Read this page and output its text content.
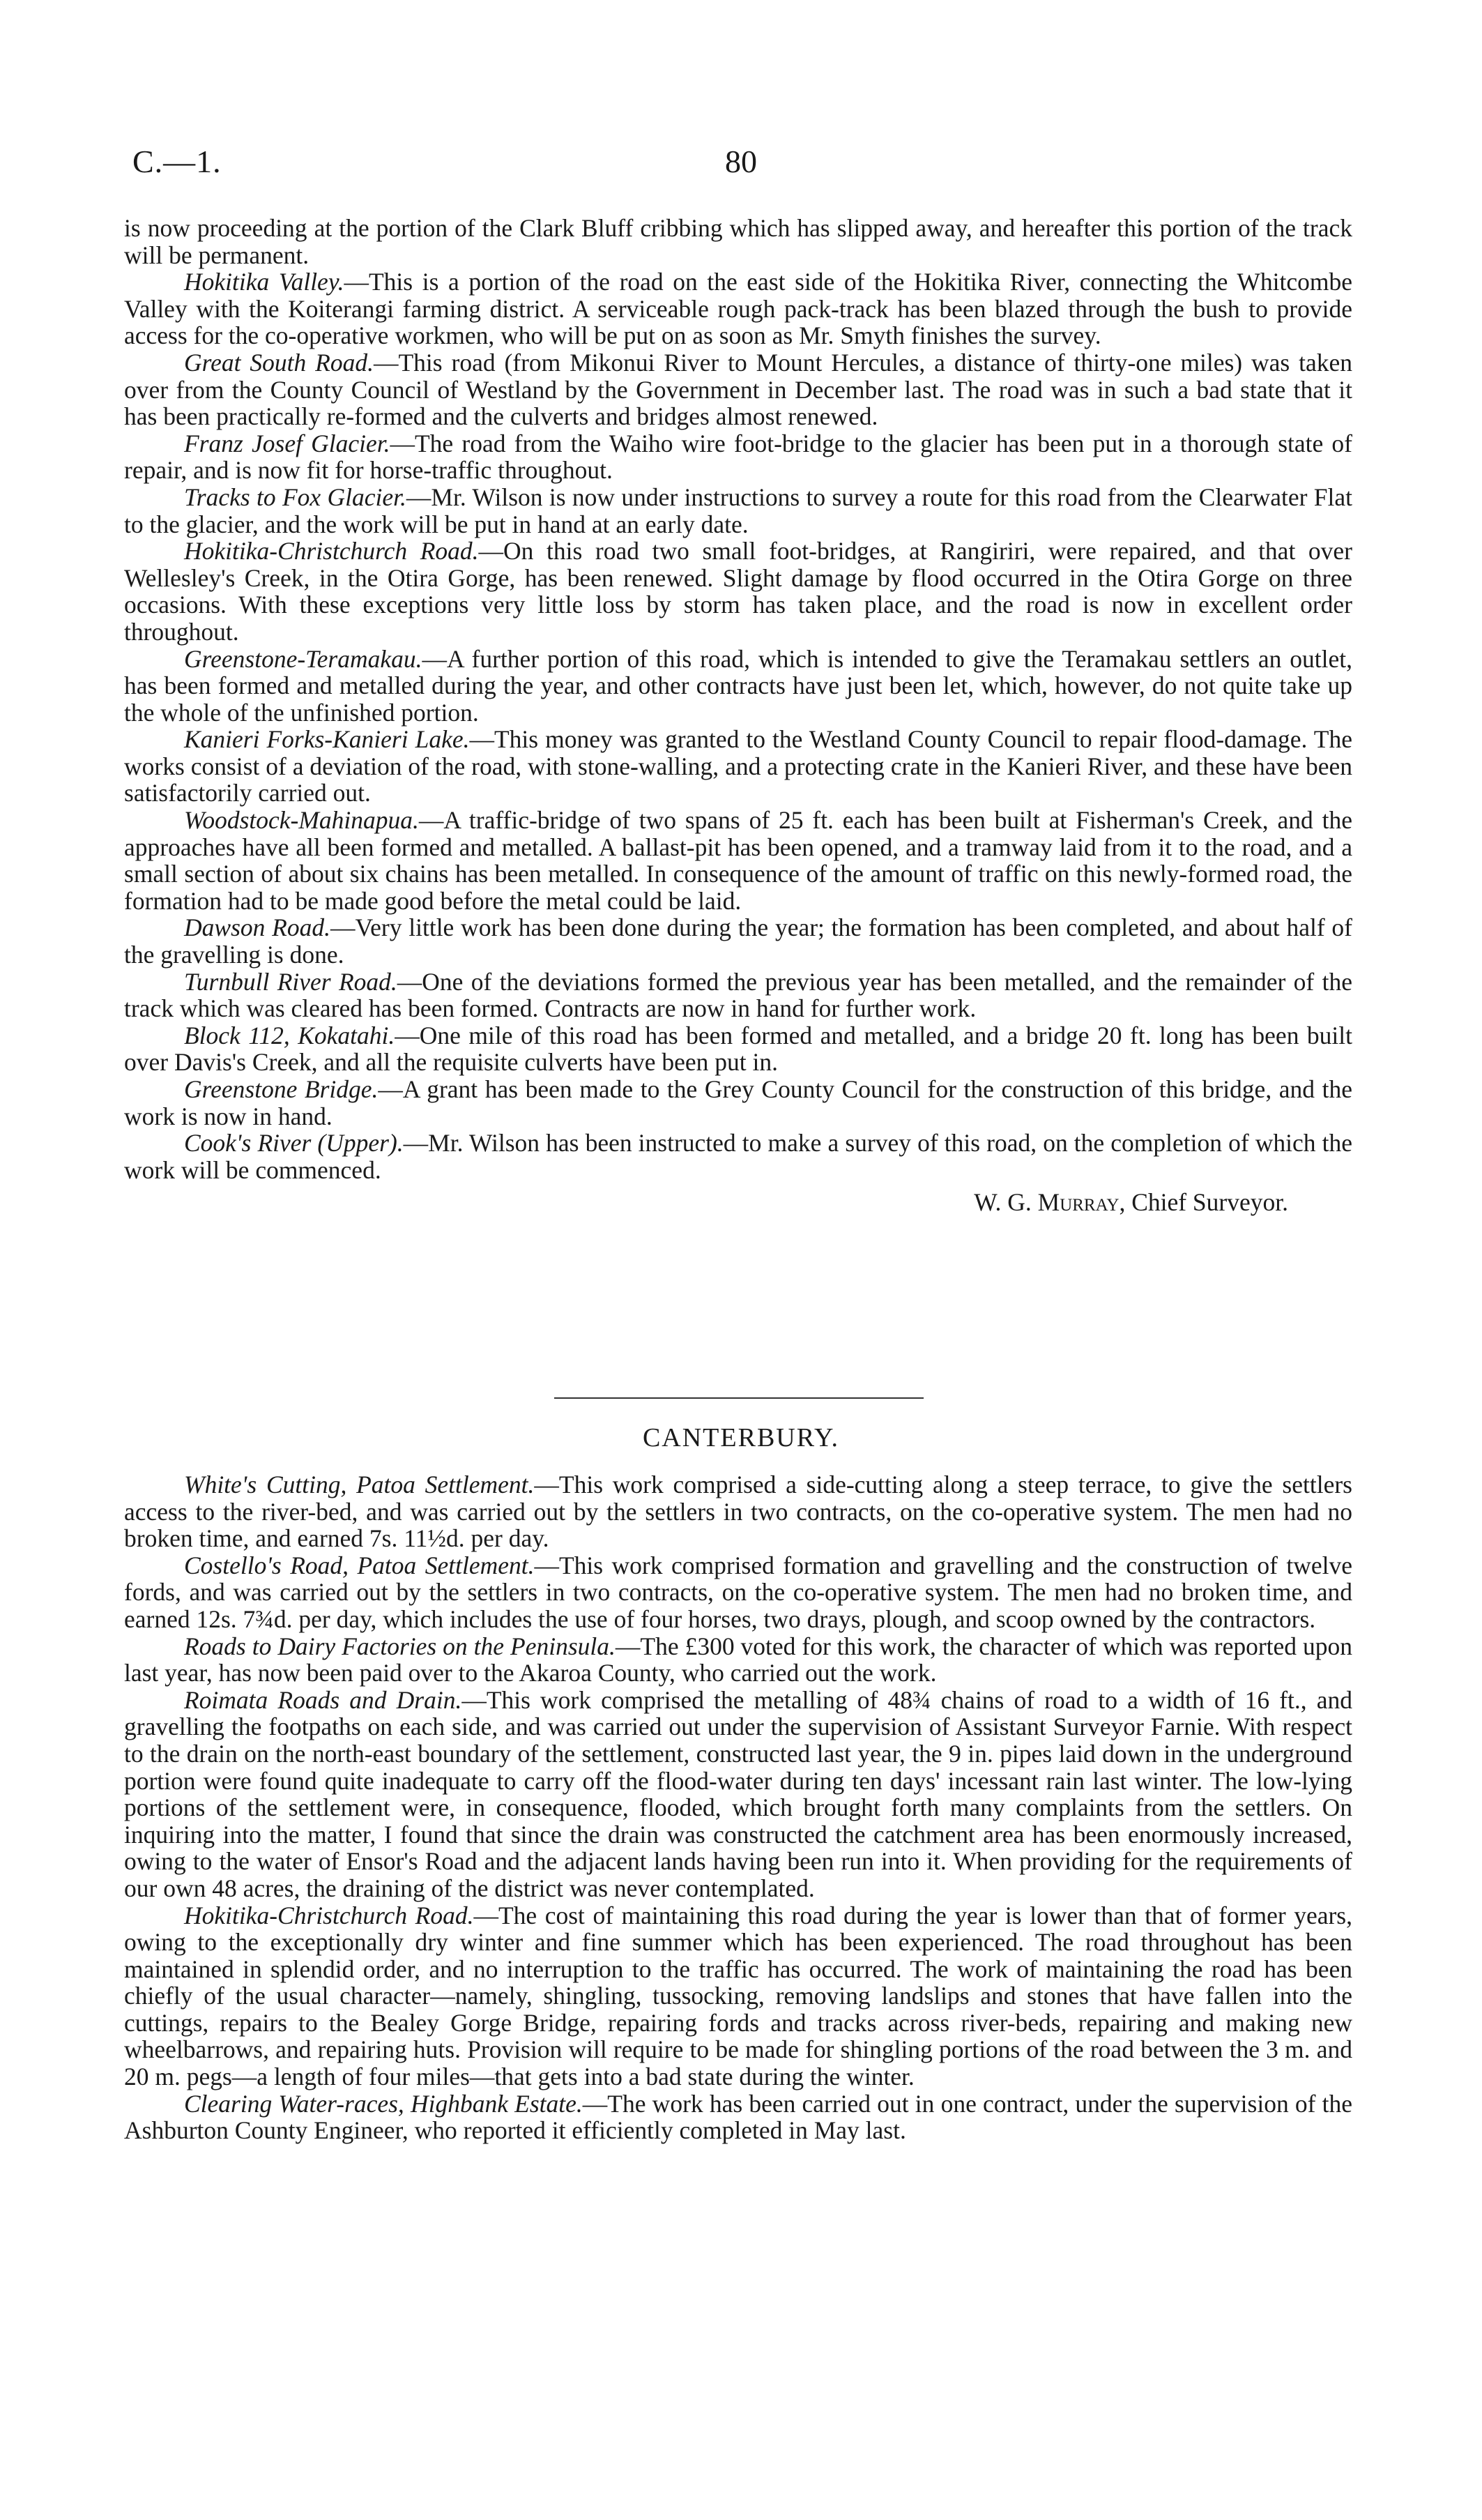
C.—1.	80

is now proceeding at the portion of the Clark Bluff cribbing which has slipped away, and hereafter this portion of the track will be permanent.

Hokitika Valley.—This is a portion of the road on the east side of the Hokitika River, connecting the Whitcombe Valley with the Koiterangi farming district. A serviceable rough pack-track has been blazed through the bush to provide access for the co-operative workmen, who will be put on as soon as Mr. Smyth finishes the survey.

Great South Road.—This road (from Mikonui River to Mount Hercules, a distance of thirty-one miles) was taken over from the County Council of Westland by the Government in December last. The road was in such a bad state that it has been practically re-formed and the culverts and bridges almost renewed.

Franz Josef Glacier.—The road from the Waiho wire foot-bridge to the glacier has been put in a thorough state of repair, and is now fit for horse-traffic throughout.

Tracks to Fox Glacier.—Mr. Wilson is now under instructions to survey a route for this road from the Clearwater Flat to the glacier, and the work will be put in hand at an early date.

Hokitika-Christchurch Road.—On this road two small foot-bridges, at Rangiriri, were repaired, and that over Wellesley's Creek, in the Otira Gorge, has been renewed. Slight damage by flood occurred in the Otira Gorge on three occasions. With these exceptions very little loss by storm has taken place, and the road is now in excellent order throughout.

Greenstone-Teramakau.—A further portion of this road, which is intended to give the Teramakau settlers an outlet, has been formed and metalled during the year, and other contracts have just been let, which, however, do not quite take up the whole of the unfinished portion.

Kanieri Forks-Kanieri Lake.—This money was granted to the Westland County Council to repair flood-damage. The works consist of a deviation of the road, with stone-walling, and a protecting crate in the Kanieri River, and these have been satisfactorily carried out.

Woodstock-Mahinapua.—A traffic-bridge of two spans of 25 ft. each has been built at Fisherman's Creek, and the approaches have all been formed and metalled. A ballast-pit has been opened, and a tramway laid from it to the road, and a small section of about six chains has been metalled. In consequence of the amount of traffic on this newly-formed road, the formation had to be made good before the metal could be laid.

Dawson Road.—Very little work has been done during the year; the formation has been completed, and about half of the gravelling is done.

Turnbull River Road.—One of the deviations formed the previous year has been metalled, and the remainder of the track which was cleared has been formed. Contracts are now in hand for further work.

Block 112, Kokatahi.—One mile of this road has been formed and metalled, and a bridge 20 ft. long has been built over Davis's Creek, and all the requisite culverts have been put in.

Greenstone Bridge.—A grant has been made to the Grey County Council for the construction of this bridge, and the work is now in hand.

Cook's River (Upper).—Mr. Wilson has been instructed to make a survey of this road, on the completion of which the work will be commenced.

W. G. Murray, Chief Surveyor.

CANTERBURY.

White's Cutting, Patoa Settlement.—This work comprised a side-cutting along a steep terrace, to give the settlers access to the river-bed, and was carried out by the settlers in two contracts, on the co-operative system. The men had no broken time, and earned 7s. 11½d. per day.

Costello's Road, Patoa Settlement.—This work comprised formation and gravelling and the construction of twelve fords, and was carried out by the settlers in two contracts, on the co-operative system. The men had no broken time, and earned 12s. 7¾d. per day, which includes the use of four horses, two drays, plough, and scoop owned by the contractors.

Roads to Dairy Factories on the Peninsula.—The £300 voted for this work, the character of which was reported upon last year, has now been paid over to the Akaroa County, who carried out the work.

Roimata Roads and Drain.—This work comprised the metalling of 48¾ chains of road to a width of 16 ft., and gravelling the footpaths on each side, and was carried out under the supervision of Assistant Surveyor Farnie. With respect to the drain on the north-east boundary of the settlement, constructed last year, the 9 in. pipes laid down in the underground portion were found quite inadequate to carry off the flood-water during ten days' incessant rain last winter. The low-lying portions of the settlement were, in consequence, flooded, which brought forth many complaints from the settlers. On inquiring into the matter, I found that since the drain was constructed the catchment area has been enormously increased, owing to the water of Ensor's Road and the adjacent lands having been run into it. When providing for the requirements of our own 48 acres, the draining of the district was never contemplated.

Hokitika-Christchurch Road.—The cost of maintaining this road during the year is lower than that of former years, owing to the exceptionally dry winter and fine summer which has been experienced. The road throughout has been maintained in splendid order, and no interruption to the traffic has occurred. The work of maintaining the road has been chiefly of the usual character—namely, shingling, tussocking, removing landslips and stones that have fallen into the cuttings, repairs to the Bealey Gorge Bridge, repairing fords and tracks across river-beds, repairing and making new wheelbarrows, and repairing huts. Provision will require to be made for shingling portions of the road between the 3 m. and 20 m. pegs—a length of four miles—that gets into a bad state during the winter.

Clearing Water-races, Highbank Estate.—The work has been carried out in one contract, under the supervision of the Ashburton County Engineer, who reported it efficiently completed in May last.
